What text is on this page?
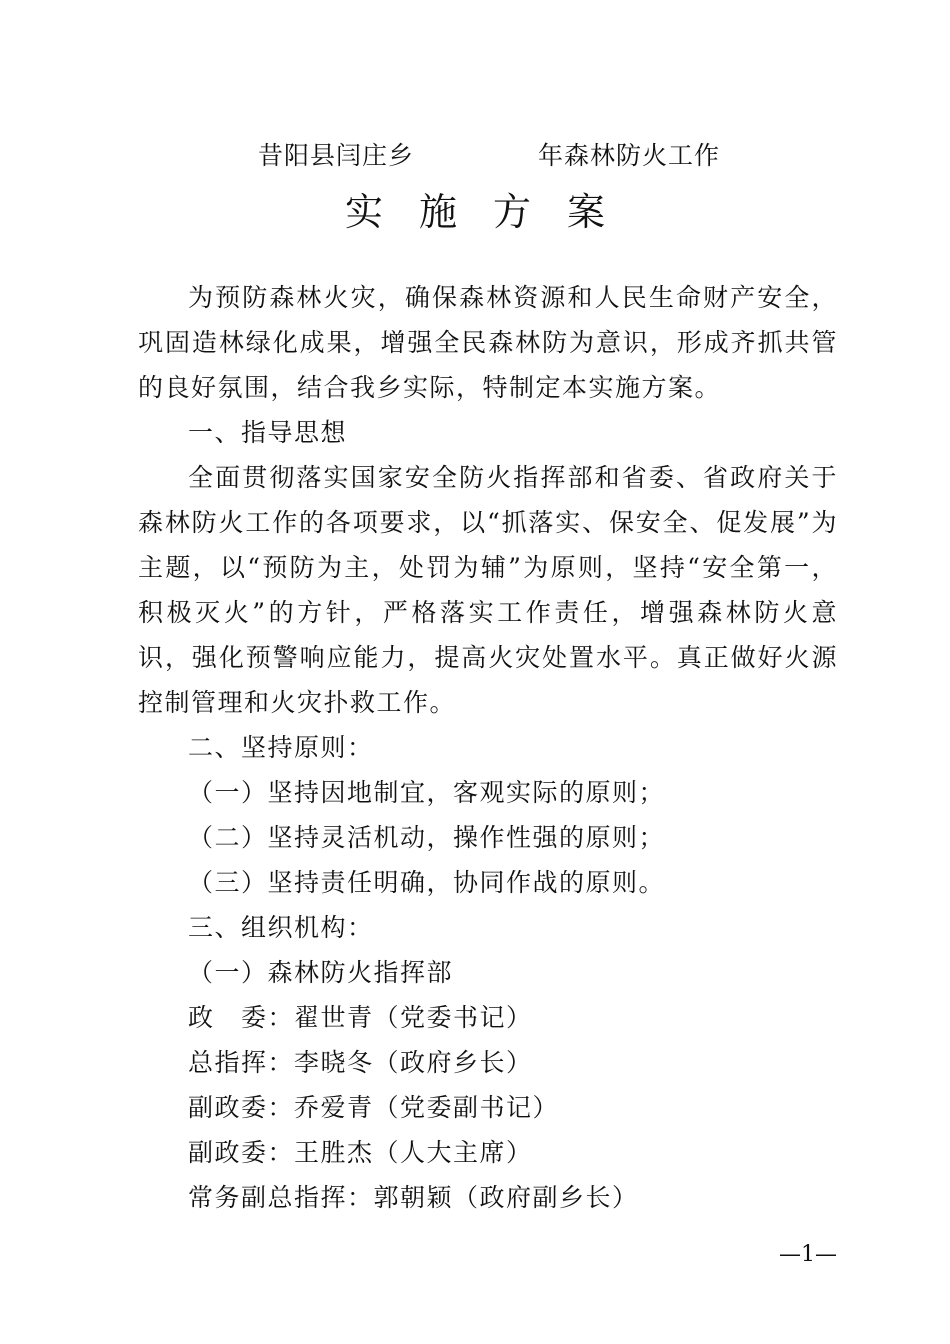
昔阳县闫庄乡	年森林防火工作
实施方案

为预防森林火灾，确保森林资源和人民生命财产安全，巩固造林绿化成果，增强全民森林防为意识，形成齐抓共管的良好氛围，结合我乡实际，特制定本实施方案。

一、指导思想

全面贯彻落实国家安全防火指挥部和省委、省政府关于森林防火工作的各项要求，以“抓落实、保安全、促发展”为主题，以“预防为主，处罚为辅”为原则，坚持“安全第一，积极灭火”的方针，严格落实工作责任，增强森林防火意识，强化预警响应能力，提高火灾处置水平。真正做好火源控制管理和火灾扑救工作。

二、坚持原则：

（一）坚持因地制宜，客观实际的原则；

（二）坚持灵活机动，操作性强的原则；

（三）坚持责任明确，协同作战的原则。

三、组织机构：

（一）森林防火指挥部

政　委：翟世青（党委书记）

总指挥：李晓冬（政府乡长）

副政委：乔爱青（党委副书记）

副政委：王胜杰（人大主席）

常务副总指挥：郭朝颖（政府副乡长）

—1—
